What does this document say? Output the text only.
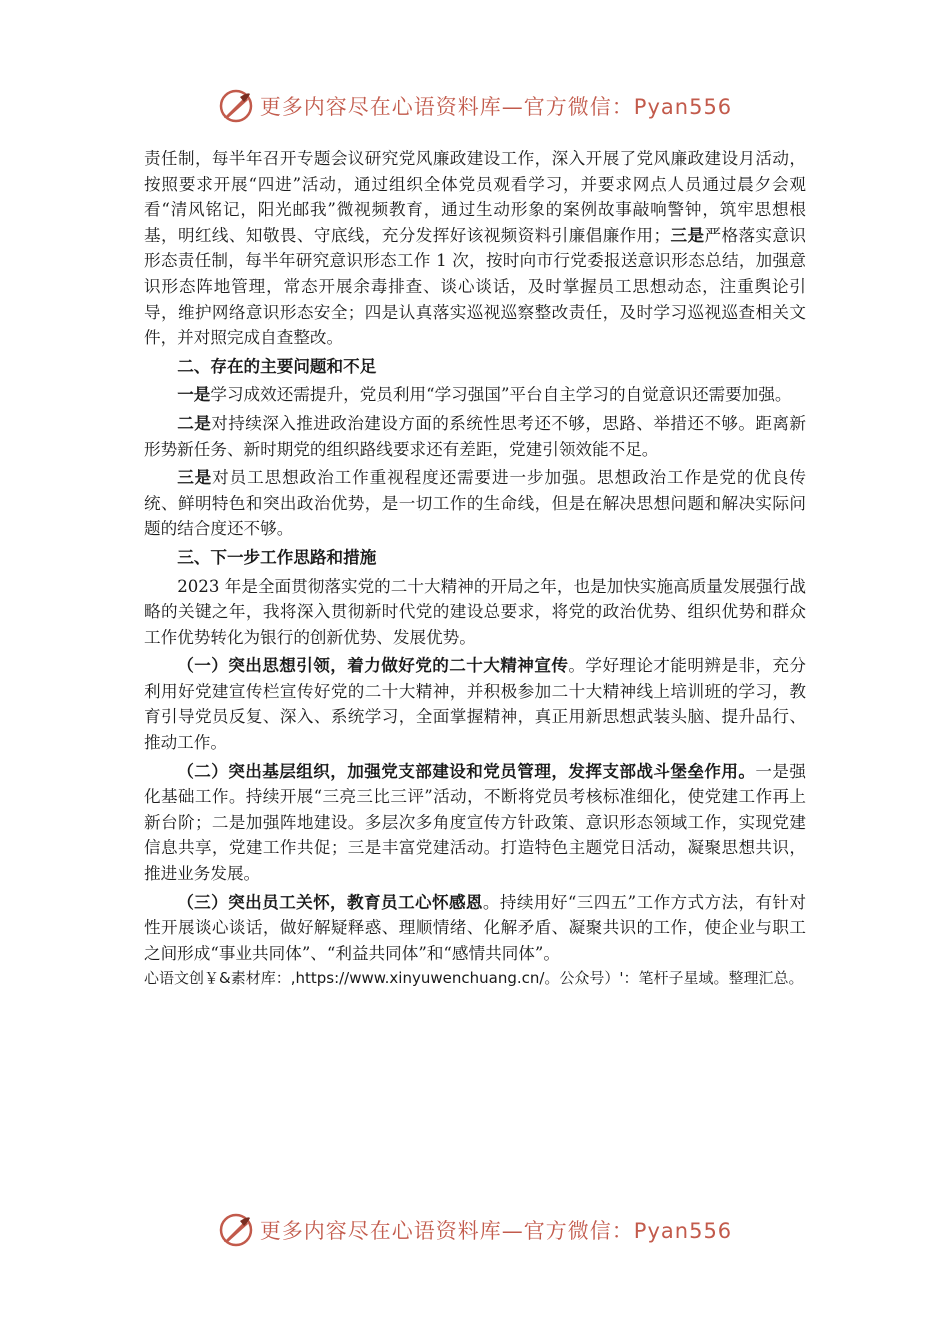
更多内容尽在心语资料库—官方微信：Pyan556

责任制，每半年召开专题会议研究党风廉政建设工作，深入开展了党风廉政建设月活动，按照要求开展“四进”活动，通过组织全体党员观看学习，并要求网点人员通过晨夕会观看“清风铭记，阳光邮我”微视频教育，通过生动形象的案例故事敲响警钟，筑牢思想根基，明红线、知敬畏、守底线，充分发挥好该视频资料引廉倡廉作用；三是严格落实意识形态责任制，每半年研究意识形态工作 1 次，按时向市行党委报送意识形态总结，加强意识形态阵地管理，常态开展余毒排查、谈心谈话，及时掌握员工思想动态，注重舆论引导，维护网络意识形态安全；四是认真落实巡视巡察整改责任，及时学习巡视巡查相关文件，并对照完成自查整改。

二、存在的主要问题和不足

一是学习成效还需提升，党员利用“学习强国”平台自主学习的自觉意识还需要加强。

二是对持续深入推进政治建设方面的系统性思考还不够，思路、举措还不够。距离新形势新任务、新时期党的组织路线要求还有差距，党建引领效能不足。

三是对员工思想政治工作重视程度还需要进一步加强。思想政治工作是党的优良传统、鲜明特色和突出政治优势，是一切工作的生命线，但是在解决思想问题和解决实际问题的结合度还不够。

三、下一步工作思路和措施

2023 年是全面贯彻落实党的二十大精神的开局之年，也是加快实施高质量发展强行战略的关键之年，我将深入贯彻新时代党的建设总要求，将党的政治优势、组织优势和群众工作优势转化为银行的创新优势、发展优势。

（一）突出思想引领，着力做好党的二十大精神宣传。学好理论才能明辨是非，充分利用好党建宣传栏宣传好党的二十大精神，并积极参加二十大精神线上培训班的学习，教育引导党员反复、深入、系统学习，全面掌握精神，真正用新思想武装头脑、提升品行、推动工作。

（二）突出基层组织，加强党支部建设和党员管理，发挥支部战斗堡垒作用。一是强化基础工作。持续开展“三亮三比三评”活动，不断将党员考核标准细化，使党建工作再上新台阶；二是加强阵地建设。多层次多角度宣传方针政策、意识形态领域工作，实现党建信息共享，党建工作共促；三是丰富党建活动。打造特色主题党日活动，凝聚思想共识，推进业务发展。

（三）突出员工关怀，教育员工心怀感恩。持续用好“三四五”工作方式方法，有针对性开展谈心谈话，做好解疑释惑、理顺情绪、化解矛盾、凝聚共识的工作，使企业与职工之间形成“事业共同体”、“利益共同体”和“感情共同体”。

心语文创￥&素材库：,https://www.xinyuwenchuang.cn/。公众号）'：笔杆子星域。整理汇总。

更多内容尽在心语资料库—官方微信：Pyan556
